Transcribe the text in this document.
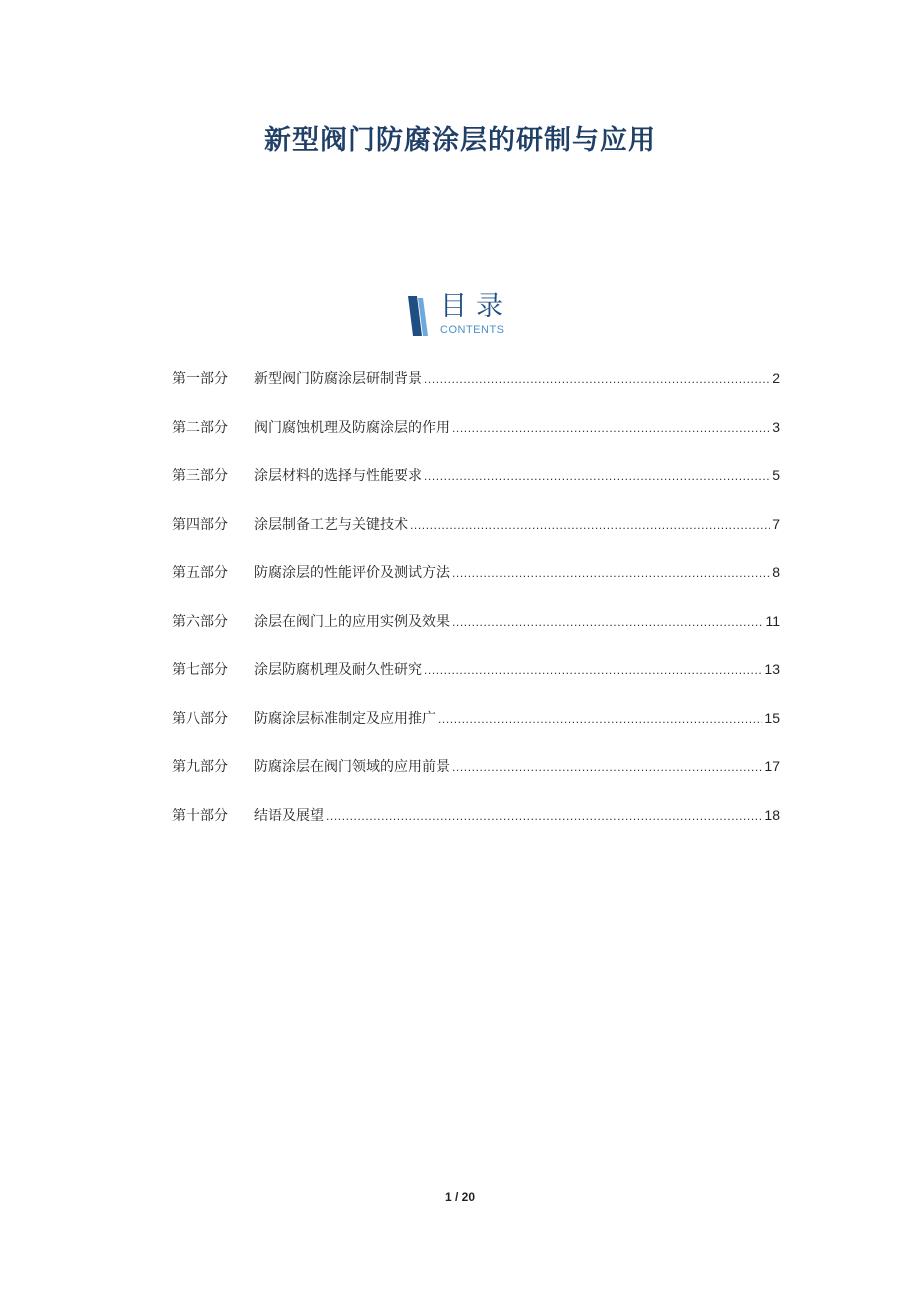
新型阀门防腐涂层的研制与应用
目录
CONTENTS
第一部分	新型阀门防腐涂层研制背景 .....	2
第二部分	阀门腐蚀机理及防腐涂层的作用 .....	3
第三部分	涂层材料的选择与性能要求 .....	5
第四部分	涂层制备工艺与关键技术 .....	7
第五部分	防腐涂层的性能评价及测试方法 .....	8
第六部分	涂层在阀门上的应用实例及效果 .....	11
第七部分	涂层防腐机理及耐久性研究 .....	13
第八部分	防腐涂层标准制定及应用推广 .....	15
第九部分	防腐涂层在阀门领域的应用前景 .....	17
第十部分	结语及展望 .....	18
1 / 20
